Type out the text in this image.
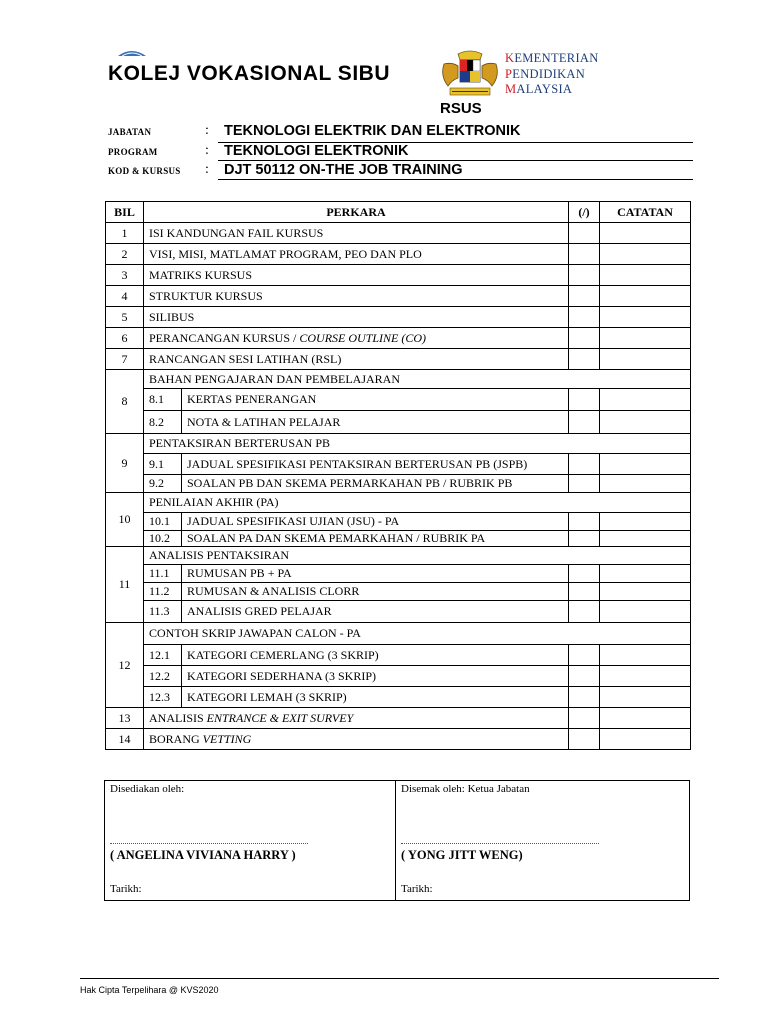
KOLEJ VOKASIONAL SIBU
KEMENTERIAN
PENDIDIKAN
MALAYSIA
RSUS
JABATAN	: TEKNOLOGI ELEKTRIK DAN ELEKTRONIK
PROGRAM	: TEKNOLOGI ELEKTRONIK
KOD & KURSUS : DJT 50112 ON-THE JOB TRAINING
BIL	PERKARA		(/)	CATATAN
1	ISI KANDUNGAN FAIL KURSUS			
2	VISI, MISI, MATLAMAT PROGRAM, PEO DAN PLO			
3	MATRIKS KURSUS			
4	STRUKTUR KURSUS			
5	SILIBUS			
6	PERANCANGAN KURSUS / COURSE OUTLINE (CO)			
7	RANCANGAN SESI LATIHAN (RSL)			
8	BAHAN PENGAJARAN DAN PEMBELAJARAN			
	8.1	KERTAS PENERANGAN		
	8.2	NOTA & LATIHAN PELAJAR		
9	PENTAKSIRAN BERTERUSAN PB			
	9.1	JADUAL SPESIFIKASI PENTAKSIRAN BERTERUSAN PB (JSPB)		
	9.2	SOALAN PB DAN SKEMA PERMARKAHAN PB / RUBRIK PB		
10	PENILAIAN AKHIR (PA)			
	10.1	JADUAL SPESIFIKASI UJIAN (JSU) - PA		
	10.2	SOALAN PA DAN SKEMA PEMARKAHAN / RUBRIK PA		
11	ANALISIS PENTAKSIRAN			
	11.1	RUMUSAN PB + PA		
	11.2	RUMUSAN & ANALISIS CLORR		
	11.3	ANALISIS GRED PELAJAR		
12	CONTOH SKRIP JAWAPAN CALON - PA			
	12.1	KATEGORI CEMERLANG (3 SKRIP)		
	12.2	KATEGORI SEDERHANA (3 SKRIP)		
	12.3	KATEGORI LEMAH (3 SKRIP)		
13	ANALISIS ENTRANCE & EXIT SURVEY			
14	BORANG VETTING			
Disediakan oleh:
( ANGELINA VIVIANA HARRY )
Tarikh:
Disemak oleh: Ketua Jabatan
( YONG JITT WENG)
Tarikh:
Hak Cipta Terpelihara @ KVS2020
